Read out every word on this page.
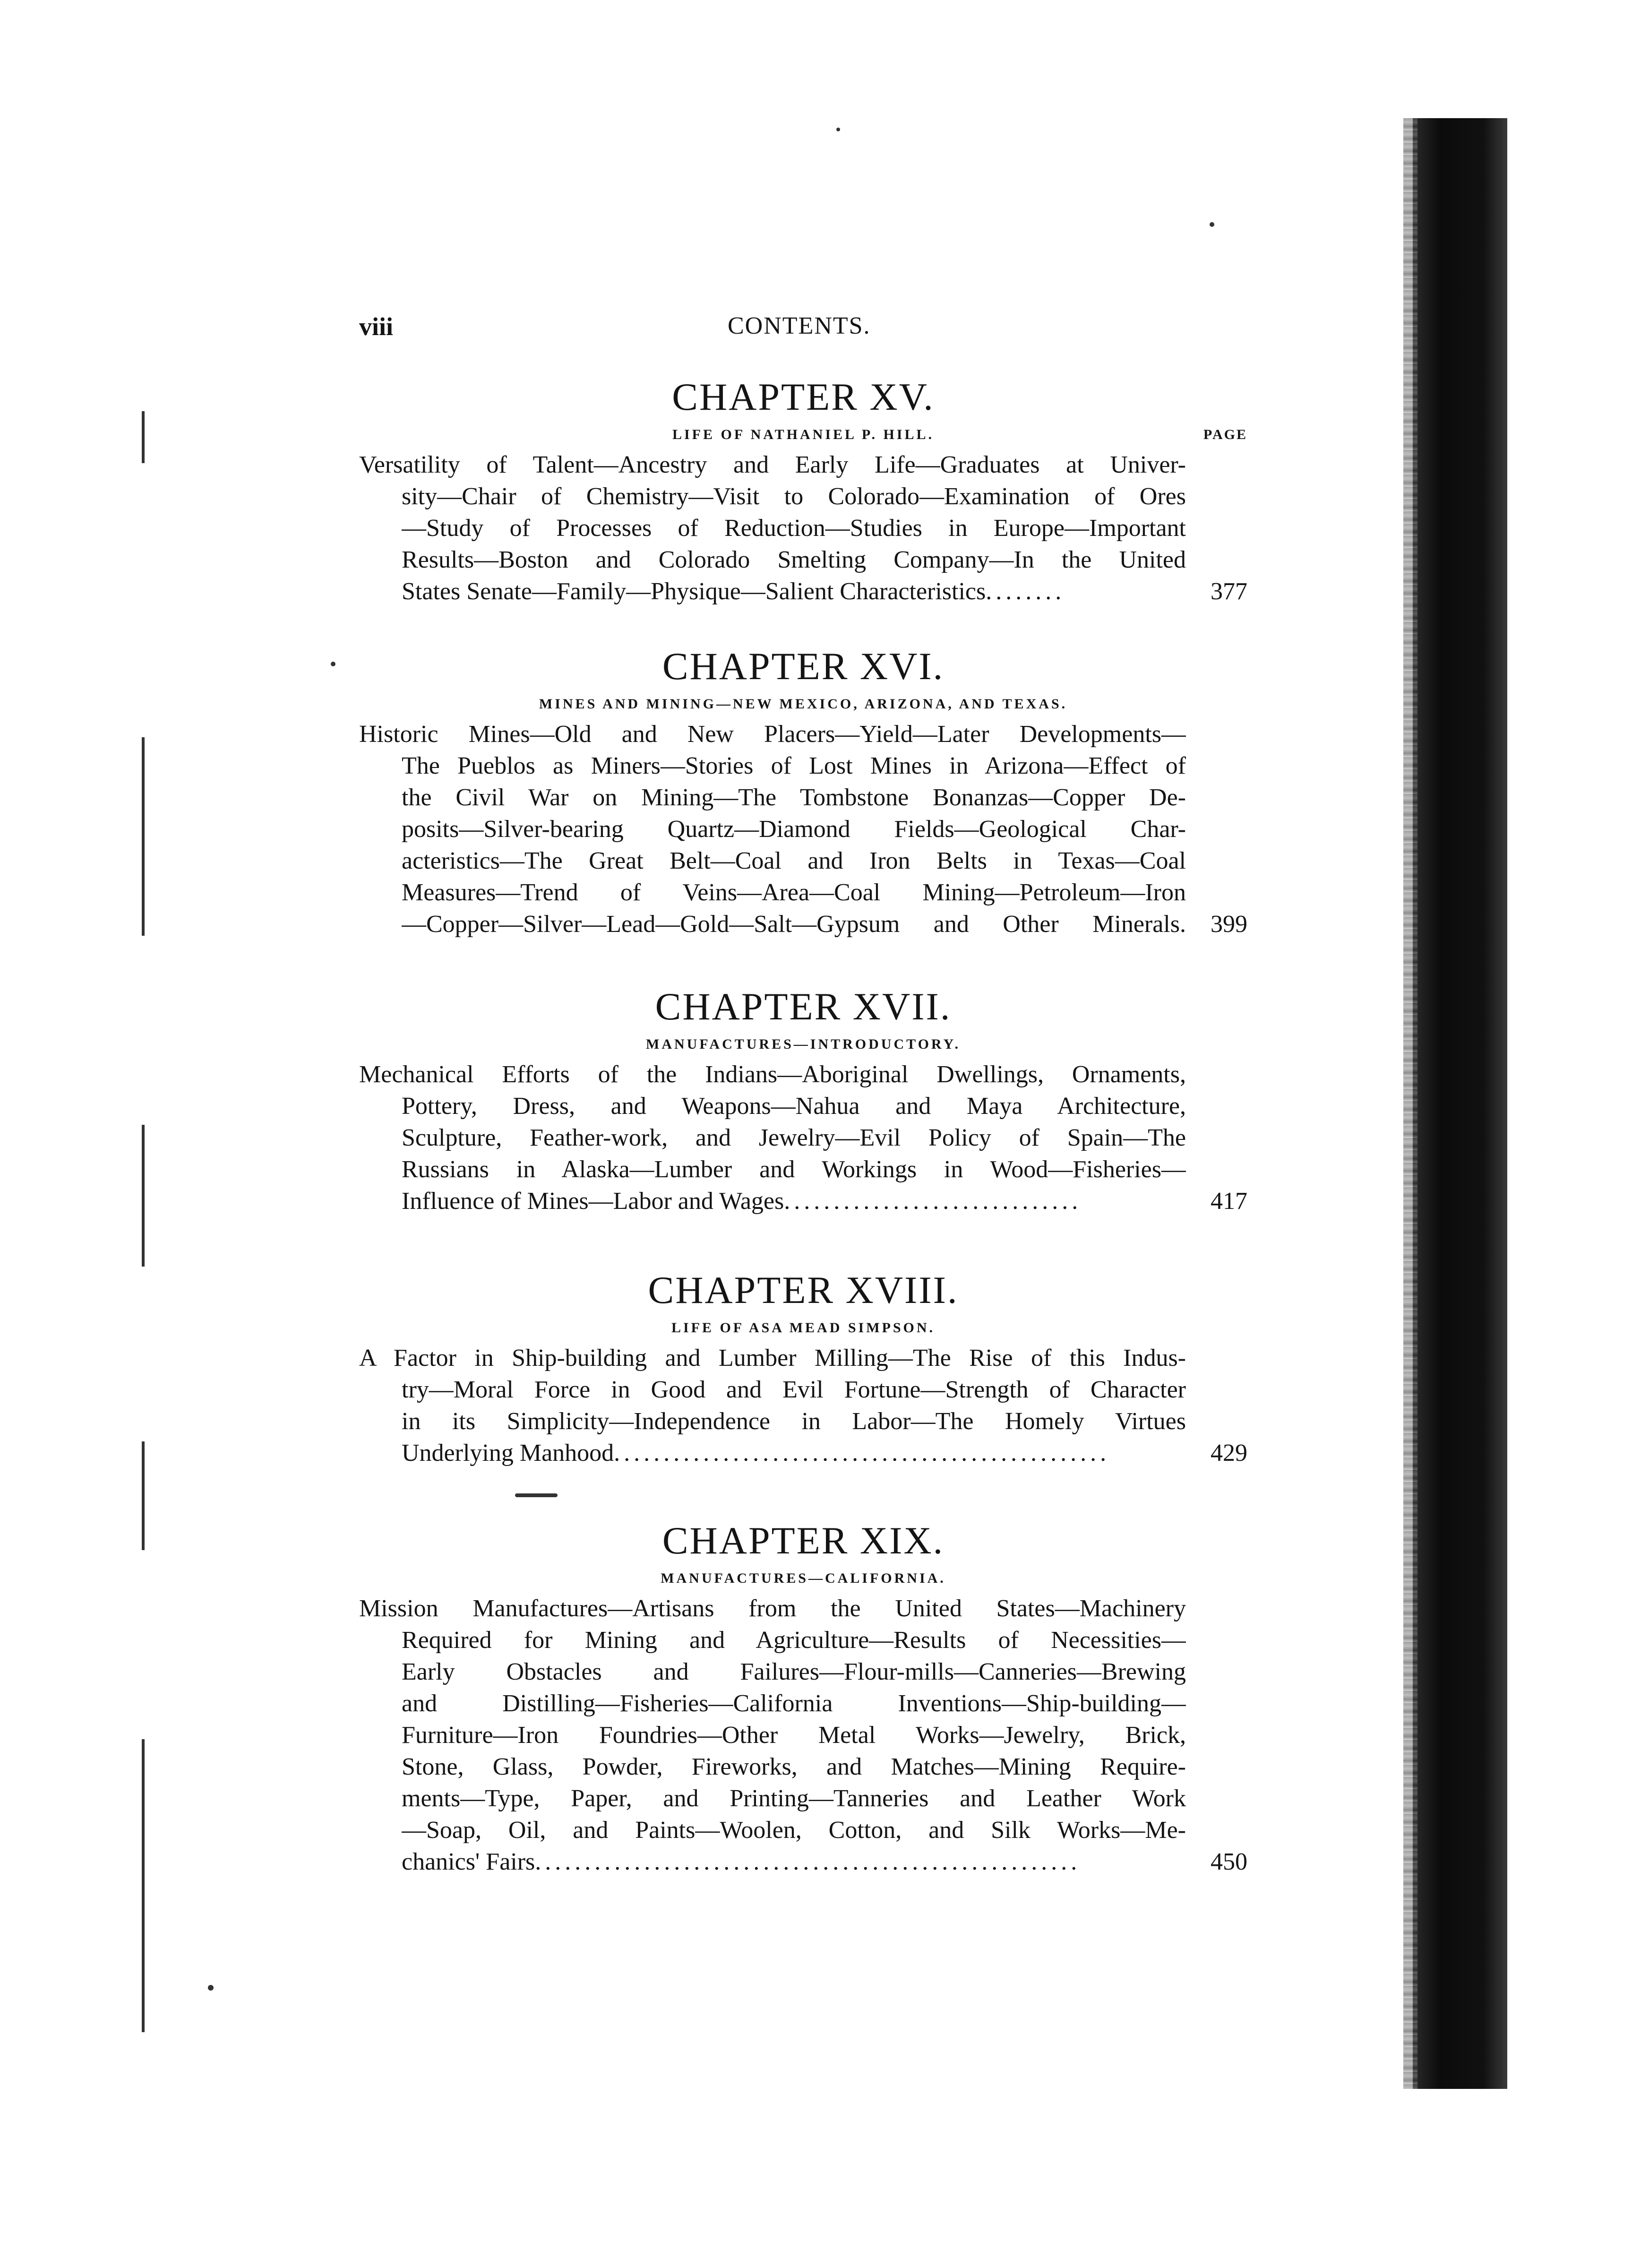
viii	CONTENTS.
CHAPTER XV.
LIFE OF NATHANIEL P. HILL.	PAGE
Versatility of Talent—Ancestry and Early Life—Graduates at Univer-
sity—Chair of Chemistry—Visit to Colorado—Examination of Ores
—Study of Processes of Reduction—Studies in Europe—Important
Results—Boston and Colorado Smelting Company—In the United
States Senate—Family—Physique—Salient Characteristics........	377
CHAPTER XVI.
MINES AND MINING—NEW MEXICO, ARIZONA, AND TEXAS.
Historic Mines—Old and New Placers—Yield—Later Developments—
The Pueblos as Miners—Stories of Lost Mines in Arizona—Effect of
the Civil War on Mining—The Tombstone Bonanzas—Copper De-
posits—Silver-bearing Quartz—Diamond Fields—Geological Char-
acteristics—The Great Belt—Coal and Iron Belts in Texas—Coal
Measures—Trend of Veins—Area—Coal Mining—Petroleum—Iron
—Copper—Silver—Lead—Gold—Salt—Gypsum and Other Minerals.	399
CHAPTER XVII.
MANUFACTURES—INTRODUCTORY.
Mechanical Efforts of the Indians—Aboriginal Dwellings, Ornaments,
Pottery, Dress, and Weapons—Nahua and Maya Architecture,
Sculpture, Feather-work, and Jewelry—Evil Policy of Spain—The
Russians in Alaska—Lumber and Workings in Wood—Fisheries—
Influence of Mines—Labor and Wages..............................	417
CHAPTER XVIII.
LIFE OF ASA MEAD SIMPSON.
A Factor in Ship-building and Lumber Milling—The Rise of this Indus-
try—Moral Force in Good and Evil Fortune—Strength of Character
in its Simplicity—Independence in Labor—The Homely Virtues
Underlying Manhood..................................................	429
CHAPTER XIX.
MANUFACTURES—CALIFORNIA.
Mission Manufactures—Artisans from the United States—Machinery
Required for Mining and Agriculture—Results of Necessities—
Early Obstacles and Failures—Flour-mills—Canneries—Brewing
and Distilling—Fisheries—California Inventions—Ship-building—
Furniture—Iron Foundries—Other Metal Works—Jewelry, Brick,
Stone, Glass, Powder, Fireworks, and Matches—Mining Require-
ments—Type, Paper, and Printing—Tanneries and Leather Work
—Soap, Oil, and Paints—Woolen, Cotton, and Silk Works—Me-
chanics' Fairs.......................................................	450
